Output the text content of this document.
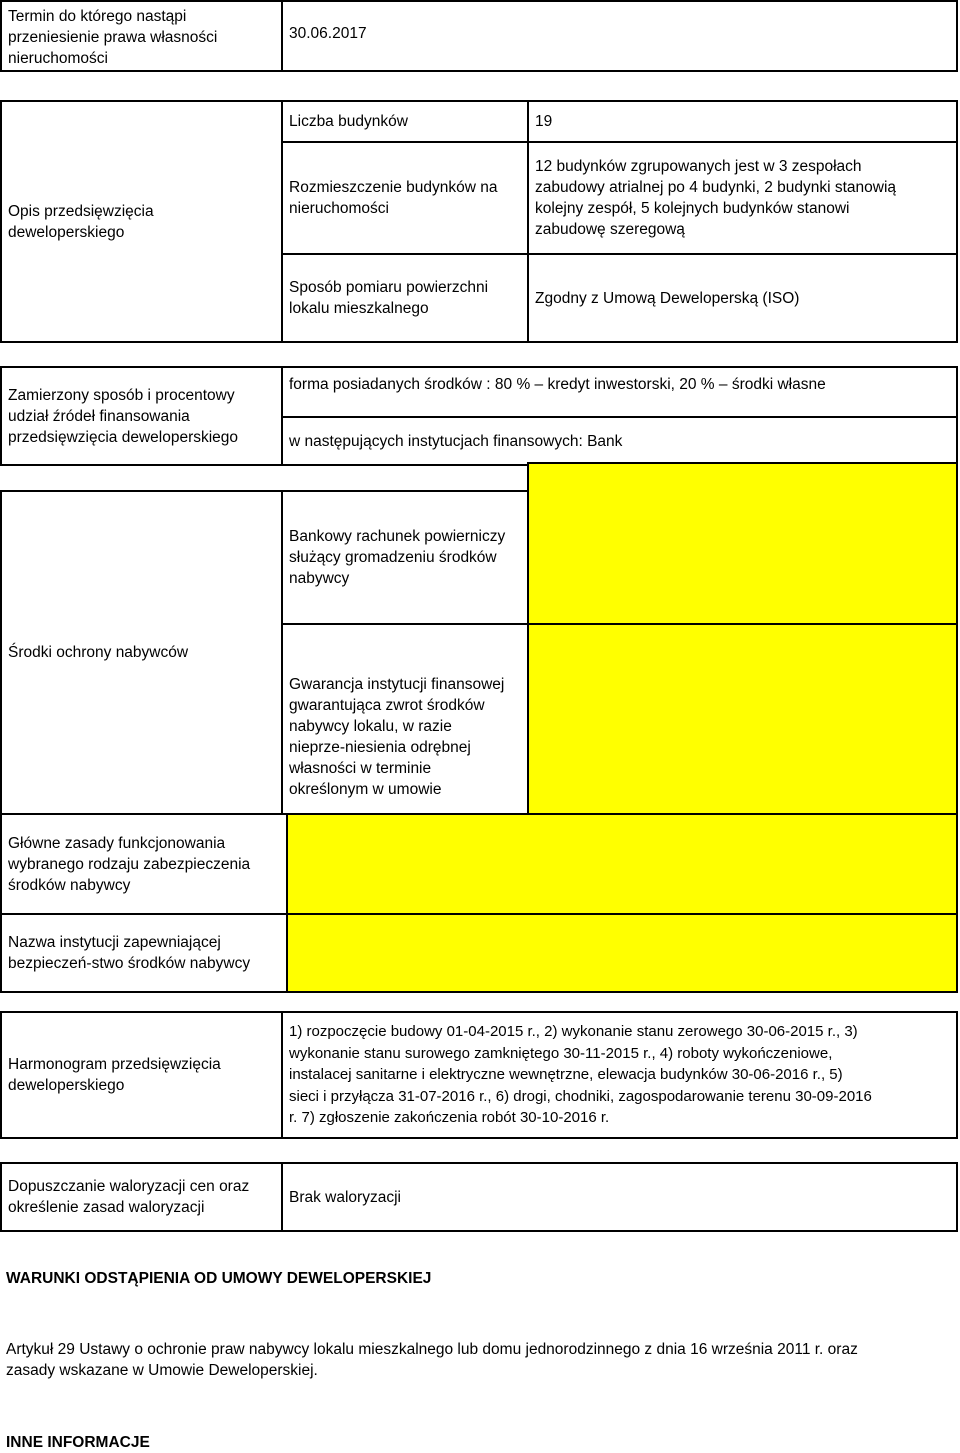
Termin do którego nastąpi
przeniesienie prawa własności
nieruchomości
30.06.2017
Opis przedsięwzięcia
deweloperskiego
Liczba budynków	19
Rozmieszczenie budynków na
nieruchomości
12 budynków zgrupowanych jest w 3 zespołach
zabudowy atrialnej po 4 budynki, 2 budynki stanowią
kolejny zespół, 5 kolejnych budynków stanowi
zabudowę szeregową
Sposób pomiaru powierzchni
lokalu mieszkalnego
Zgodny z Umową Deweloperską (ISO)
Zamierzony sposób i procentowy
udział źródeł finansowania
przedsięwzięcia deweloperskiego
forma posiadanych środków : 80 % – kredyt inwestorski, 20 % – środki własne
w następujących instytucjach finansowych: Bank
Środki ochrony nabywców
Bankowy rachunek powierniczy
służący gromadzeniu środków
nabywcy
Gwarancja instytucji finansowej
gwarantująca zwrot środków
nabywcy lokalu, w razie
nieprze-niesienia odrębnej
własności w terminie
określonym w umowie
Główne zasady funkcjonowania
wybranego rodzaju zabezpieczenia
środków nabywcy
Nazwa instytucji zapewniającej
bezpieczeń-stwo środków nabywcy
Harmonogram przedsięwzięcia
deweloperskiego
1) rozpoczęcie budowy 01-04-2015 r., 2) wykonanie stanu zerowego 30-06-2015 r., 3)
wykonanie stanu surowego zamkniętego 30-11-2015 r., 4) roboty wykończeniowe,
instalacej sanitarne i elektryczne wewnętrzne, elewacja budynków 30-06-2016 r., 5)
sieci i przyłącza 31-07-2016 r., 6) drogi, chodniki, zagospodarowanie terenu 30-09-2016
r. 7) zgłoszenie zakończenia robót 30-10-2016 r.
Dopuszczanie waloryzacji cen oraz
określenie zasad waloryzacji
Brak waloryzacji
WARUNKI ODSTĄPIENIA OD UMOWY DEWELOPERSKIEJ
Artykuł 29 Ustawy o ochronie praw nabywcy lokalu mieszkalnego lub domu jednorodzinnego z dnia 16 września 2011 r. oraz
zasady wskazane w Umowie Deweloperskiej.
INNE INFORMACJE
